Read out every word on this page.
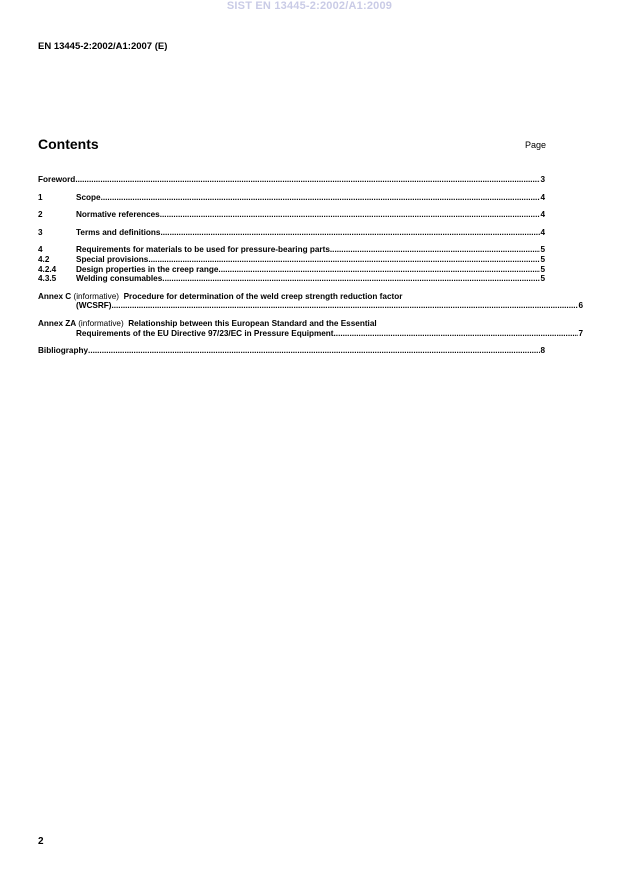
SIST EN 13445-2:2002/A1:2009
EN 13445-2:2002/A1:2007 (E)
Contents	Page
Foreword .....	3
1	Scope .....	4
2	Normative references .....	4
3	Terms and definitions .....	4
4	Requirements for materials to be used for pressure-bearing parts .....	5
4.2	Special provisions .....	5
4.2.4	Design properties in the creep range .....	5
4.3.5	Welding consumables .....	5
Annex C (informative) Procedure for determination of the weld creep strength reduction factor
(WCSRF) .....	6
Annex ZA (informative) Relationship between this European Standard and the Essential
Requirements of the EU Directive 97/23/EC in Pressure Equipment .....	7
Bibliography .....	8
2
